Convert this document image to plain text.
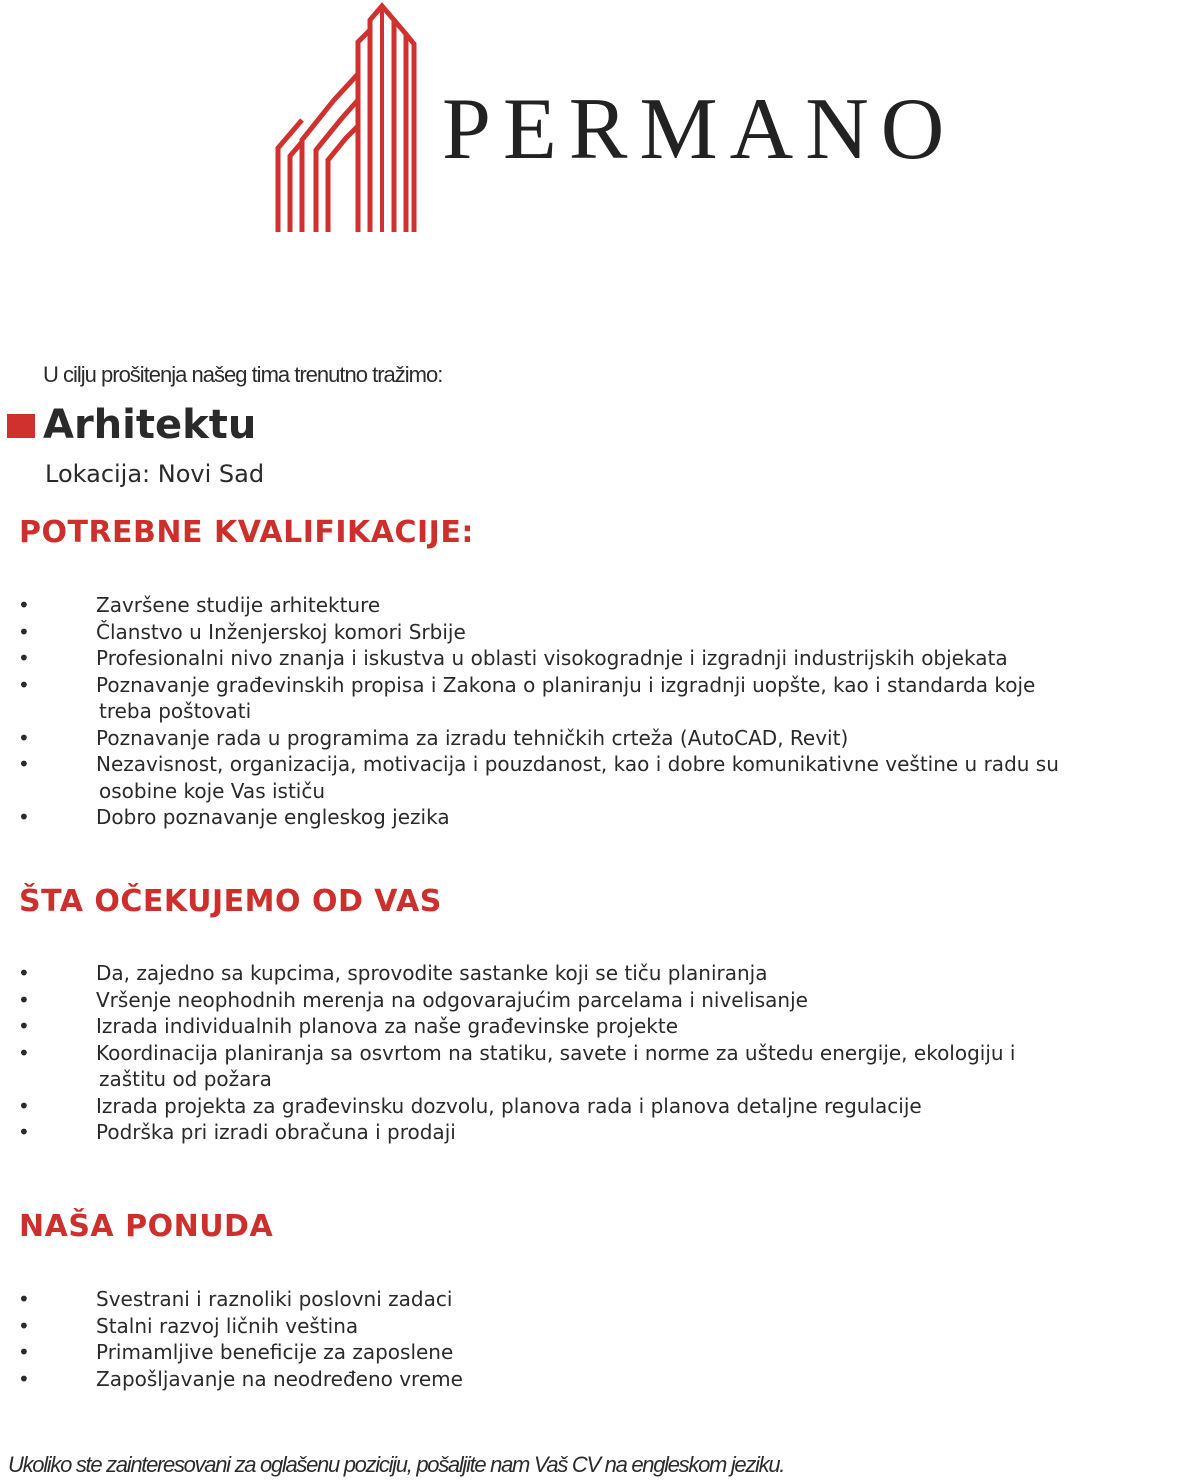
PERMANO
U cilju prošitenja našeg tima trenutno tražimo:
Arhitektu
Lokacija: Novi Sad
POTREBNE KVALIFIKACIJE:
•	Završene studije arhitekture
•	Članstvo u Inženjerskoj komori Srbije
•	Profesionalni nivo znanja i iskustva u oblasti visokogradnje i izgradnji industrijskih objekata
•	Poznavanje građevinskih propisa i Zakona o planiranju i izgradnji uopšte, kao i standarda koje
treba poštovati
•	Poznavanje rada u programima za izradu tehničkih crteža (AutoCAD, Revit)
•	Nezavisnost, organizacija, motivacija i pouzdanost, kao i dobre komunikativne veštine u radu su
osobine koje Vas ističu
•	Dobro poznavanje engleskog jezika
ŠTA OČEKUJEMO OD VAS
•	Da, zajedno sa kupcima, sprovodite sastanke koji se tiču planiranja
•	Vršenje neophodnih merenja na odgovarajućim parcelama i nivelisanje
•	Izrada individualnih planova za naše građevinske projekte
•	Koordinacija planiranja sa osvrtom na statiku, savete i norme za uštedu energije, ekologiju i
zaštitu od požara
•	Izrada projekta za građevinsku dozvolu, planova rada i planova detaljne regulacije
•	Podrška pri izradi obračuna i prodaji
NAŠA PONUDA
•	Svestrani i raznoliki poslovni zadaci
•	Stalni razvoj ličnih veština
•	Primamljive beneficije za zaposlene
•	Zapošljavanje na neodređeno vreme
Ukoliko ste zainteresovani za oglašenu poziciju, pošaljite nam Vaš CV na engleskom jeziku.
